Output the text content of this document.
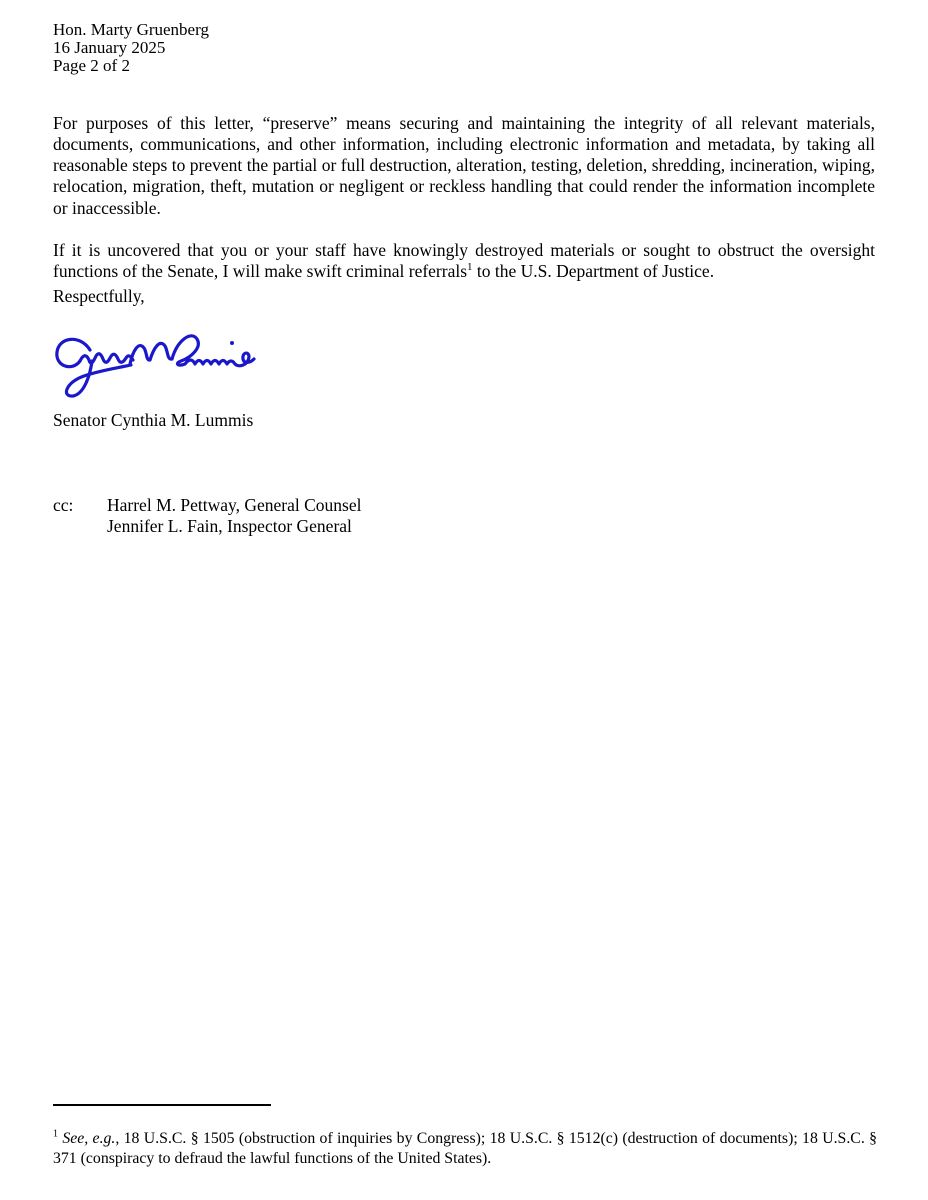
Hon. Marty Gruenberg
16 January 2025
Page 2 of 2

For purposes of this letter, “preserve” means securing and maintaining the integrity of all relevant materials, documents, communications, and other information, including electronic information and metadata, by taking all reasonable steps to prevent the partial or full destruction, alteration, testing, deletion, shredding, incineration, wiping, relocation, migration, theft, mutation or negligent or reckless handling that could render the information incomplete or inaccessible.

If it is uncovered that you or your staff have knowingly destroyed materials or sought to obstruct the oversight functions of the Senate, I will make swift criminal referrals$^1$ to the U.S. Department of Justice.

Respectfully,
Senator Cynthia M. Lummis
cc:	Harrel M. Pettway, General Counsel
Jennifer L. Fain, Inspector General

$^1$ See, e.g., 18 U.S.C. § 1505 (obstruction of inquiries by Congress); 18 U.S.C. § 1512(c) (destruction of documents); 18 U.S.C. § 371 (conspiracy to defraud the lawful functions of the United States).
